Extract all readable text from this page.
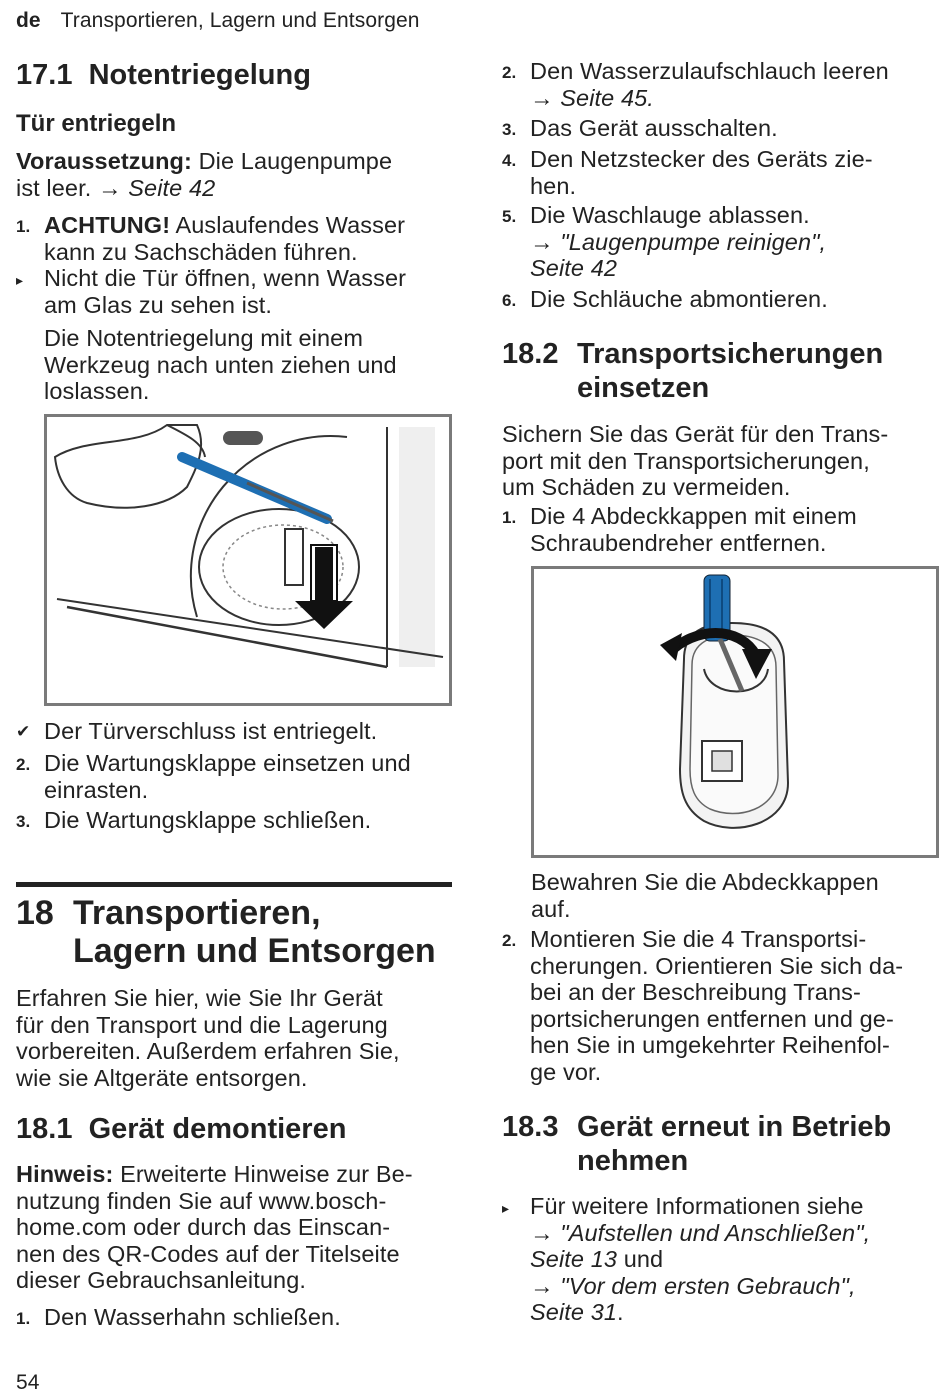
de Transportieren, Lagern und Entsorgen
17.1 Notentriegelung
Tür entriegeln
Voraussetzung: Die Laugenpumpe
ist leer. → Seite 42
1. ACHTUNG! Auslaufendes Wasser
kann zu Sachschäden führen.
▸ Nicht die Tür öffnen, wenn Wasser
am Glas zu sehen ist.
Die Notentriegelung mit einem
Werkzeug nach unten ziehen und
loslassen.
✔ Der Türverschluss ist entriegelt.
2. Die Wartungsklappe einsetzen und
einrasten.
3. Die Wartungsklappe schließen.
18 Transportieren,
Lagern und Entsorgen
Erfahren Sie hier, wie Sie Ihr Gerät
für den Transport und die Lagerung
vorbereiten. Außerdem erfahren Sie,
wie sie Altgeräte entsorgen.
18.1 Gerät demontieren
Hinweis: Erweiterte Hinweise zur Be-
nutzung finden Sie auf www.bosch-
home.com oder durch das Einscan-
nen des QR-Codes auf der Titelseite
dieser Gebrauchsanleitung.
1. Den Wasserhahn schließen.
54
2. Den Wasserzulaufschlauch leeren
→ Seite 45.
3. Das Gerät ausschalten.
4. Den Netzstecker des Geräts zie-
hen.
5. Die Waschlauge ablassen.
→ "Laugenpumpe reinigen",
Seite 42
6. Die Schläuche abmontieren.
18.2 Transportsicherungen
einsetzen
Sichern Sie das Gerät für den Trans-
port mit den Transportsicherungen,
um Schäden zu vermeiden.
1. Die 4 Abdeckkappen mit einem
Schraubendreher entfernen.
Bewahren Sie die Abdeckkappen
auf.
2. Montieren Sie die 4 Transportsi-
cherungen. Orientieren Sie sich da-
bei an der Beschreibung Trans-
portsicherungen entfernen und ge-
hen Sie in umgekehrter Reihenfol-
ge vor.
18.3 Gerät erneut in Betrieb
nehmen
▸ Für weitere Informationen siehe
→ "Aufstellen und Anschließen",
Seite 13 und
→ "Vor dem ersten Gebrauch",
Seite 31.
